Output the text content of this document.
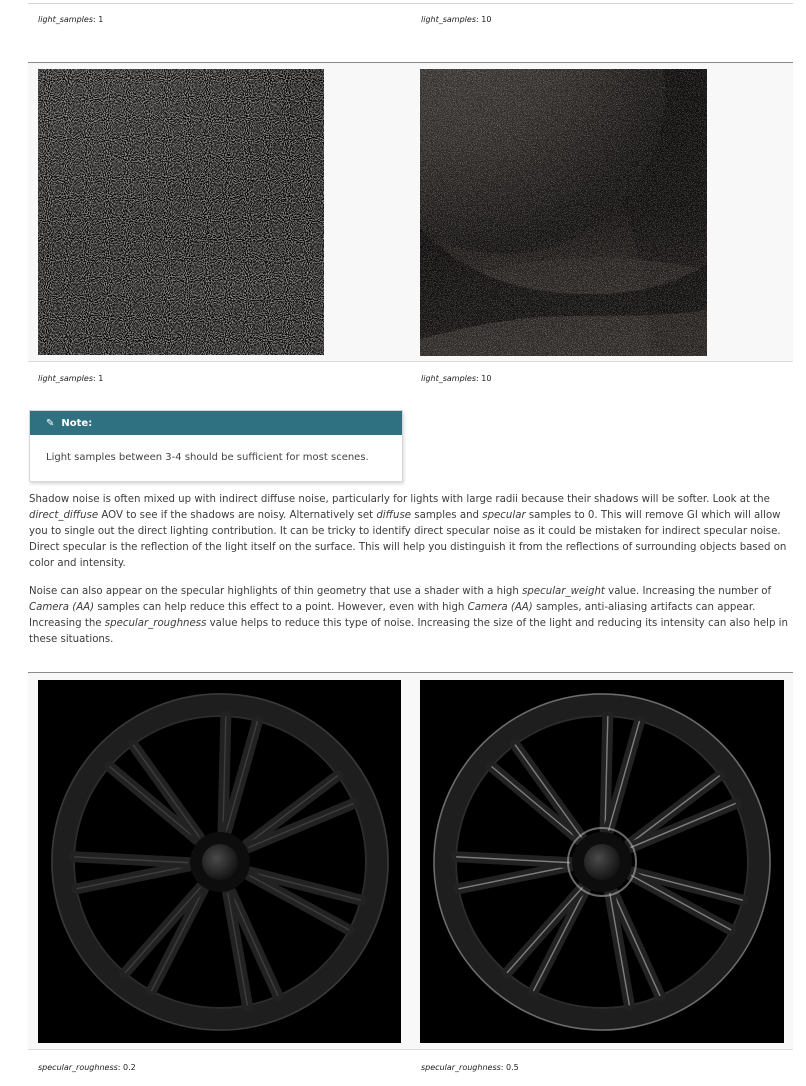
light_samples: 1	light_samples: 10
light_samples: 1	light_samples: 10
✎ Note:
Light samples between 3-4 should be sufficient for most scenes.

Shadow noise is often mixed up with indirect diffuse noise, particularly for lights with large radii because their shadows will be softer. Look at the direct_diffuse AOV to see if the shadows are noisy. Alternatively set diffuse samples and specular samples to 0. This will remove GI which will allow you to single out the direct lighting contribution. It can be tricky to identify direct specular noise as it could be mistaken for indirect specular noise. Direct specular is the reflection of the light itself on the surface. This will help you distinguish it from the reflections of surrounding objects based on color and intensity.

Noise can also appear on the specular highlights of thin geometry that use a shader with a high specular_weight value. Increasing the number of Camera (AA) samples can help reduce this effect to a point. However, even with high Camera (AA) samples, anti-aliasing artifacts can appear. Increasing the specular_roughness value helps to reduce this type of noise. Increasing the size of the light and reducing its intensity can also help in these situations.

specular_roughness: 0.2	specular_roughness: 0.5
